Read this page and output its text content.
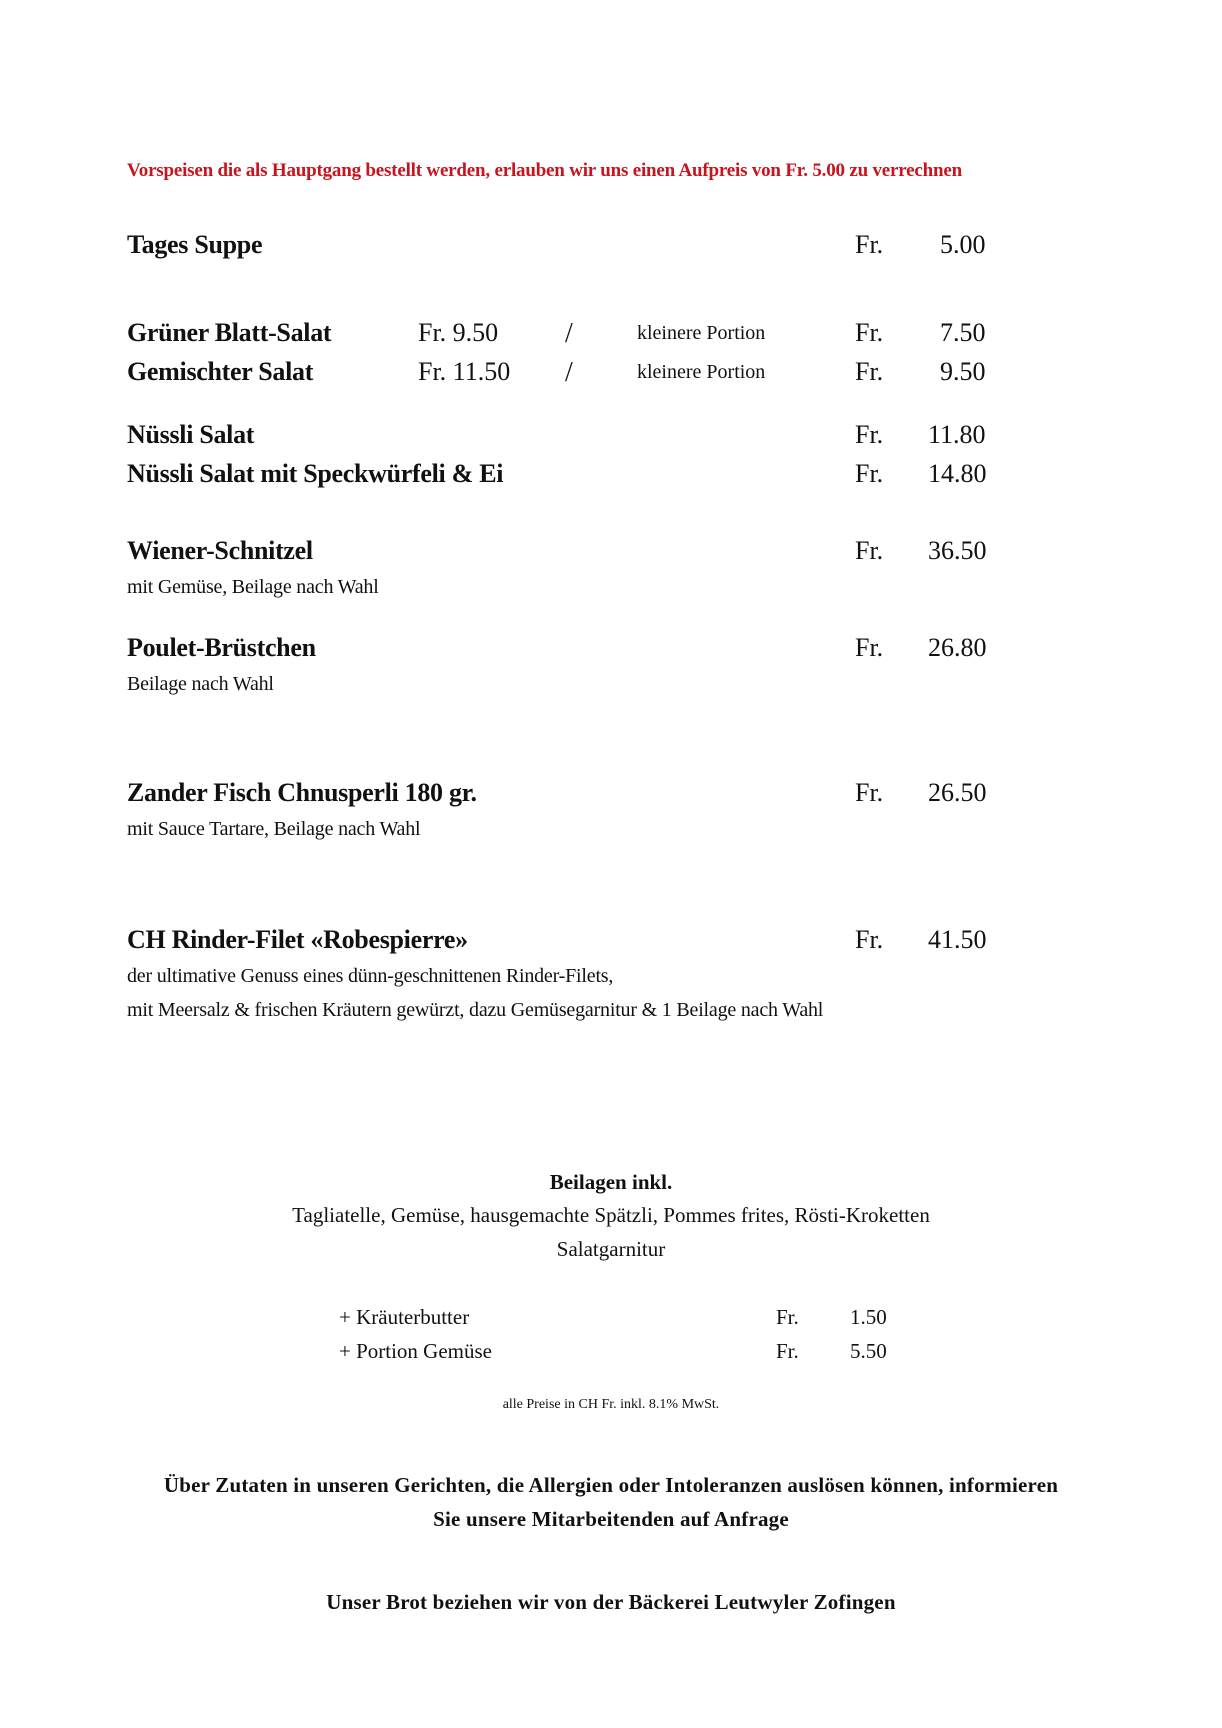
Vorspeisen die als Hauptgang bestellt werden, erlauben wir uns einen Aufpreis von Fr. 5.00 zu verrechnen
Tages Suppe	Fr. 5.00
Grüner Blatt-Salat	Fr. 9.50 /	kleinere Portion	Fr. 7.50
Gemischter Salat	Fr. 11.50 /	kleinere Portion	Fr. 9.50
Nüssli Salat	Fr. 11.80
Nüssli Salat mit Speckwürfeli & Ei	Fr. 14.80
Wiener-Schnitzel	Fr. 36.50
mit Gemüse, Beilage nach Wahl
Poulet-Brüstchen	Fr. 26.80
Beilage nach Wahl
Zander Fisch Chnusperli 180 gr.	Fr. 26.50
mit Sauce Tartare, Beilage nach Wahl
CH Rinder-Filet «Robespierre»	Fr. 41.50
der ultimative Genuss eines dünn-geschnittenen Rinder-Filets,
mit Meersalz & frischen Kräutern gewürzt, dazu Gemüsegarnitur & 1 Beilage nach Wahl
Beilagen inkl.
Tagliatelle, Gemüse, hausgemachte Spätzli, Pommes frites, Rösti-Kroketten
Salatgarnitur
+ Kräuterbutter	Fr. 1.50
+ Portion Gemüse	Fr. 5.50
alle Preise in CH Fr. inkl. 8.1% MwSt.
Über Zutaten in unseren Gerichten, die Allergien oder Intoleranzen auslösen können, informieren
Sie unsere Mitarbeitenden auf Anfrage
Unser Brot beziehen wir von der Bäckerei Leutwyler Zofingen
